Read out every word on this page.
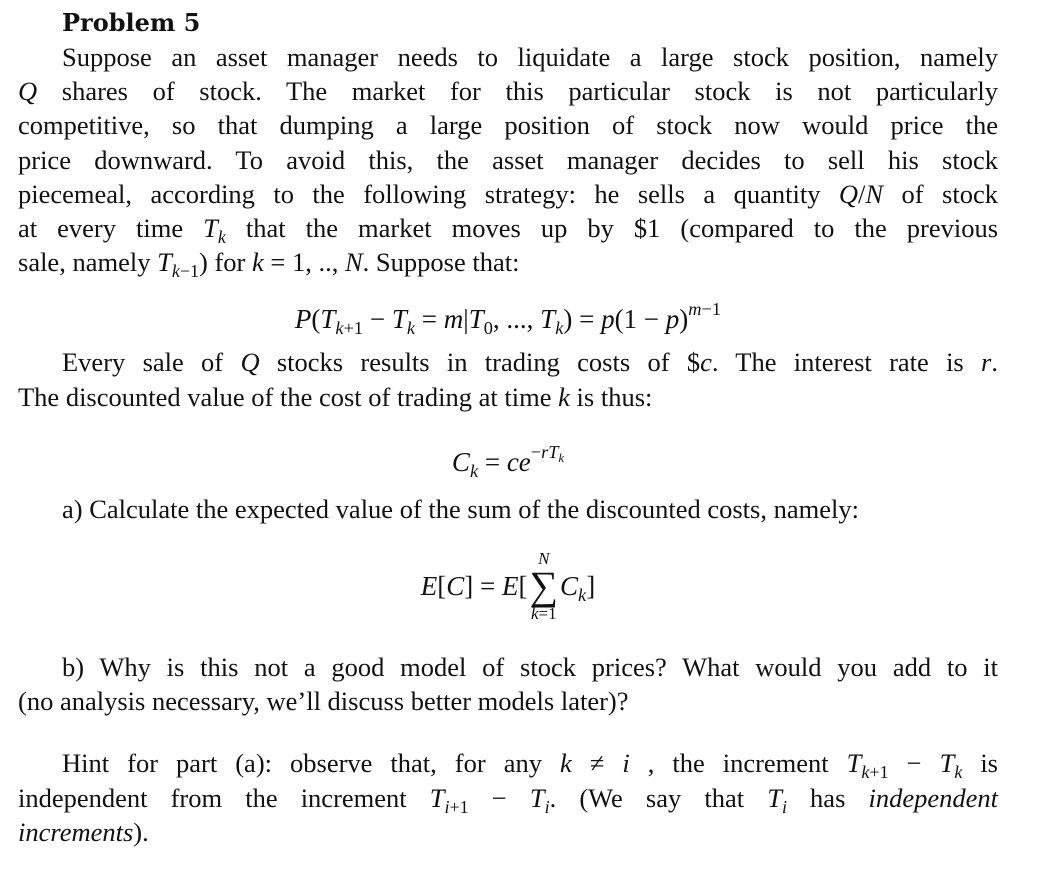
Problem 5

Suppose an asset manager needs to liquidate a large stock position, namely
Q shares of stock. The market for this particular stock is not particularly
competitive, so that dumping a large position of stock now would price the
price downward. To avoid this, the asset manager decides to sell his stock
piecemeal, according to the following strategy: he sells a quantity Q/N of stock
at every time $T_k$ that the market moves up by $1 (compared to the previous
sale, namely $T_{k-1}$) for k = 1, .., N. Suppose that:

$P(T_{k+1} - T_k = m|T_0$, ..., $T_k) = p(1 - p)^{m-1}$

Every sale of Q stocks results in trading costs of $c. The interest rate is r.
The discounted value of the cost of trading at time k is thus:

$C_k = ce^{-rT_k}$

a) Calculate the expected value of the sum of the discounted costs, namely:

E[C] = E[
N
∑
k=1
$C_k$]

b) Why is this not a good model of stock prices? What would you add to it
(no analysis necessary, we’ll discuss better models later)?

Hint for part (a): observe that, for any k ≠ i , the increment $T_{k+1} - T_k$ is
independent from the increment $T_{i+1} - T_i$. (We say that $T_i$ has independent
increments).
